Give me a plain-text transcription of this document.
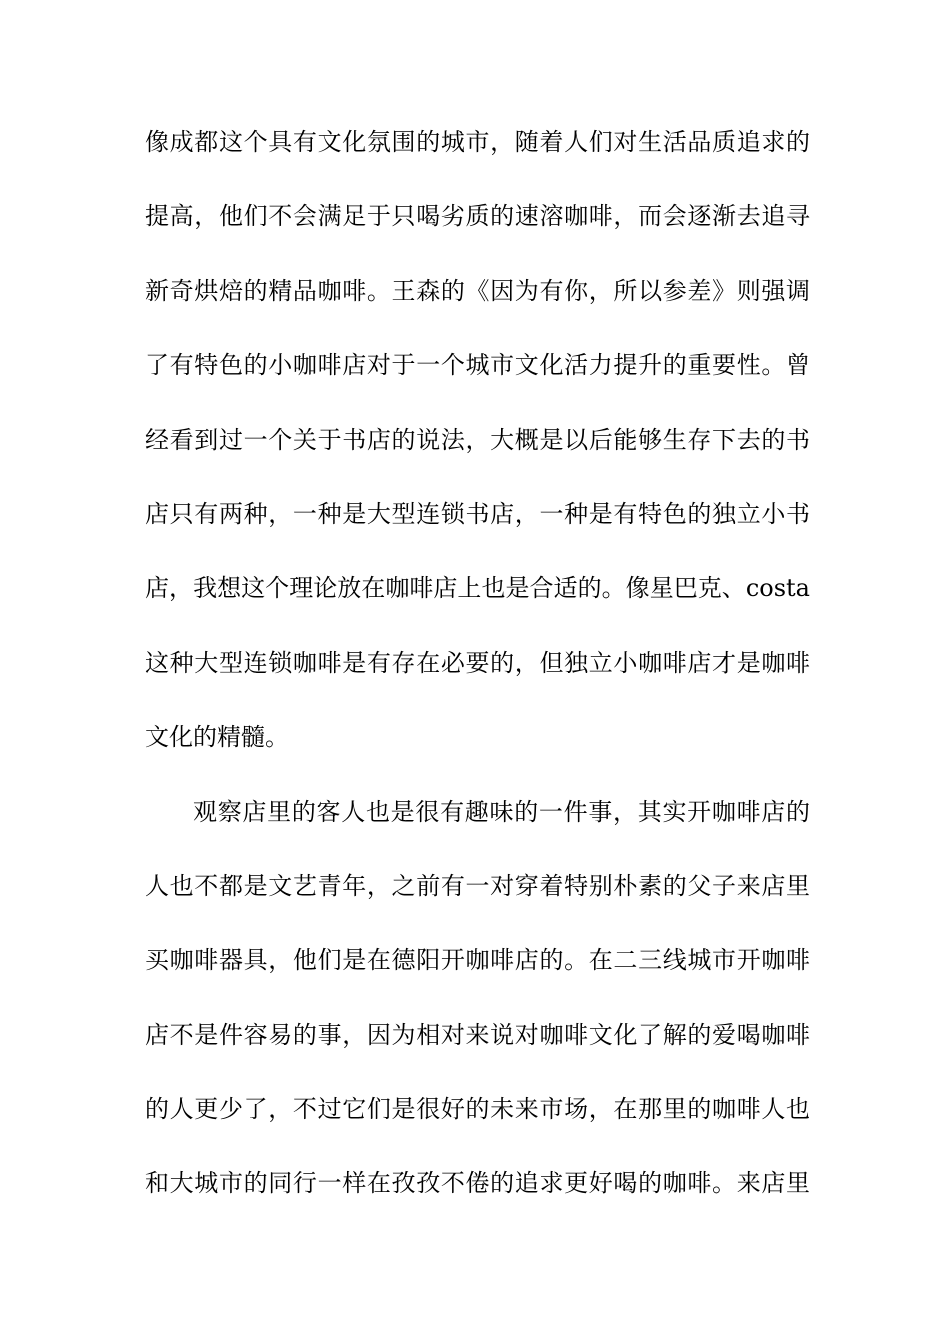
像成都这个具有文化氛围的城市，随着人们对生活品质追求的
提高，他们不会满足于只喝劣质的速溶咖啡，而会逐渐去追寻
新奇烘焙的精品咖啡。王森的《因为有你，所以参差》则强调
了有特色的小咖啡店对于一个城市文化活力提升的重要性。曾
经看到过一个关于书店的说法，大概是以后能够生存下去的书
店只有两种，一种是大型连锁书店，一种是有特色的独立小书
店，我想这个理论放在咖啡店上也是合适的。像星巴克、costa
这种大型连锁咖啡是有存在必要的，但独立小咖啡店才是咖啡
文化的精髓。
观察店里的客人也是很有趣味的一件事，其实开咖啡店的
人也不都是文艺青年，之前有一对穿着特别朴素的父子来店里
买咖啡器具，他们是在德阳开咖啡店的。在二三线城市开咖啡
店不是件容易的事，因为相对来说对咖啡文化了解的爱喝咖啡
的人更少了，不过它们是很好的未来市场，在那里的咖啡人也
和大城市的同行一样在孜孜不倦的追求更好喝的咖啡。来店里
